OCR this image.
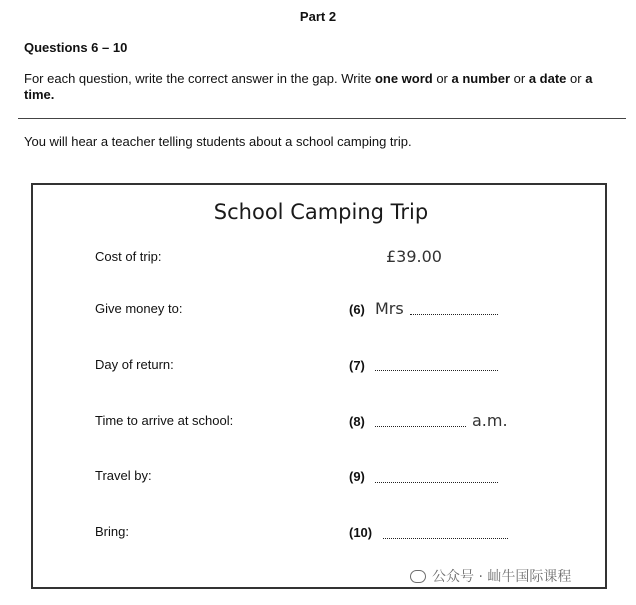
Part 2
Questions 6 – 10
For each question, write the correct answer in the gap. Write one word or a number or a date or a
time.
You will hear a teacher telling students about a school camping trip.
School Camping Trip
Cost of trip:	£39.00
Give money to:	(6) Mrs
Day of return:	(7)
Time to arrive at school:	(8)	a.m.
Travel by:	(9)
Bring:	(10)
公众号 · 屾牛国际课程
